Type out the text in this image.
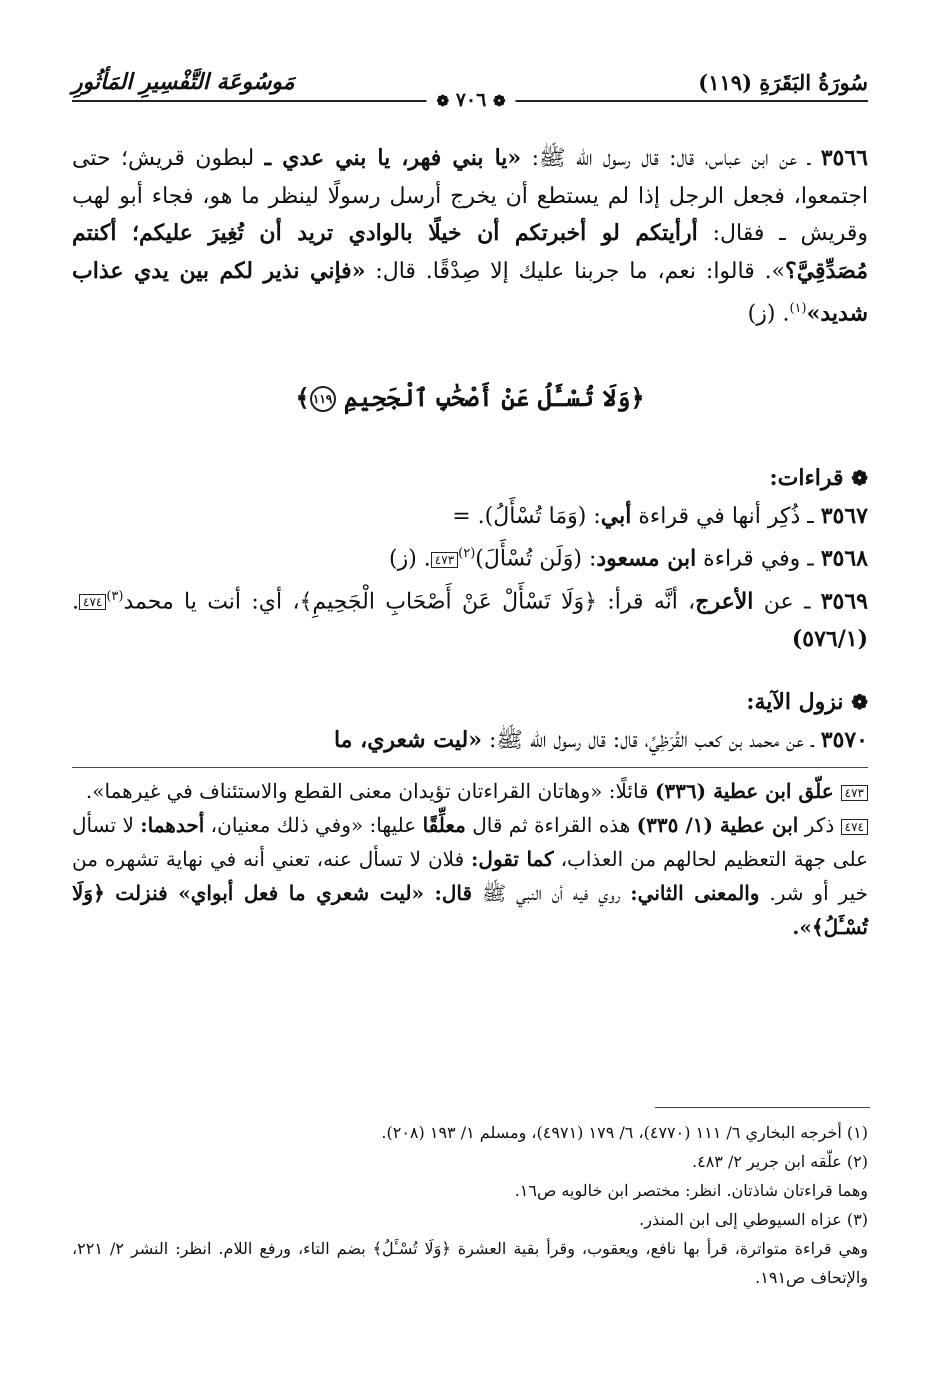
سُورَةُ البَقَرَةِ (١١٩)
مَوسُوعَة التَّفْسِيرِ المَأثُورِ
❁ ٧٠٦ ❁

٣٥٦٦ ـ عن ابن عباس، قال: قال رسول الله ﷺ: «يا بني فهر، يا بني عدي ـ لبطون قريش؛ حتى اجتمعوا، فجعل الرجل إذا لم يستطع أن يخرج أرسل رسولًا لينظر ما هو، فجاء أبو لهب وقريش ـ فقال: أرأيتكم لو أخبرتكم أن خيلًا بالوادي تريد أن تُغِيرَ عليكم؛ أكنتم مُصَدِّقِيَّ؟». قالوا: نعم، ما جربنا عليك إلا صِدْقًا. قال: «فإني نذير لكم بين يدي عذاب شديد»$^{(١)}$. (ز)

﴿وَلَا تُسْـَٔلُ عَنْ أَصْحَٰبِ ٱلْجَحِيمِ ١١٩﴾
❁ قراءات:

٣٥٦٧ ـ ذُكِر أنها في قراءة أبي: (وَمَا تُسْأَلُ). =

٣٥٦٨ ـ وفي قراءة ابن مسعود: (وَلَن تُسْأَلَ)$^{(٢)}$٤٧٣. (ز)

٣٥٦٩ ـ عن الأعرج، أنَّه قرأ: ﴿وَلَا تَسْأَلْ عَنْ أَصْحَابِ الْجَحِيمِ﴾، أي: أنت يا محمد$^{(٣)}$٤٧٤. (٥٧٦/١)

❁ نزول الآية:

٣٥٧٠ ـ عن محمد بن كعب القُرَظِيِّ، قال: قال رسول الله ﷺ: «ليت شعري، ما

٤٧٣ علّق ابن عطية (٣٣٦) قائلًا: «وهاتان القراءتان تؤيدان معنى القطع والاستئناف في غيرهما».

٤٧٤ ذكر ابن عطية (١/ ٣٣٥) هذه القراءة ثم قال معلِّقًا عليها: «وفي ذلك معنيان، أحدهما: لا تسأل على جهة التعظيم لحالهم من العذاب، كما تقول: فلان لا تسأل عنه، تعني أنه في نهاية تشهره من خير أو شر. والمعنى الثاني: روي فيه أن النبي ﷺ قال: «ليت شعري ما فعل أبواي» فنزلت ﴿وَلَا تُسْـَٔلُ﴾».

(١) أخرجه البخاري ٦/ ١١١ (٤٧٧٠)، ٦/ ١٧٩ (٤٩٧١)، ومسلم ١/ ١٩٣ (٢٠٨).

(٢) علّقه ابن جرير ٢/ ٤٨٣.

وهما قراءتان شاذتان. انظر: مختصر ابن خالويه ص١٦.

(٣) عزاه السيوطي إلى ابن المنذر.

وهي قراءة متواترة، قرأ بها نافع، ويعقوب، وقرأ بقية العشرة ﴿وَلَا تُسْـَٔلُ﴾ بضم التاء، ورفع اللام. انظر: النشر ٢/ ٢٢١، والإتحاف ص١٩١.
